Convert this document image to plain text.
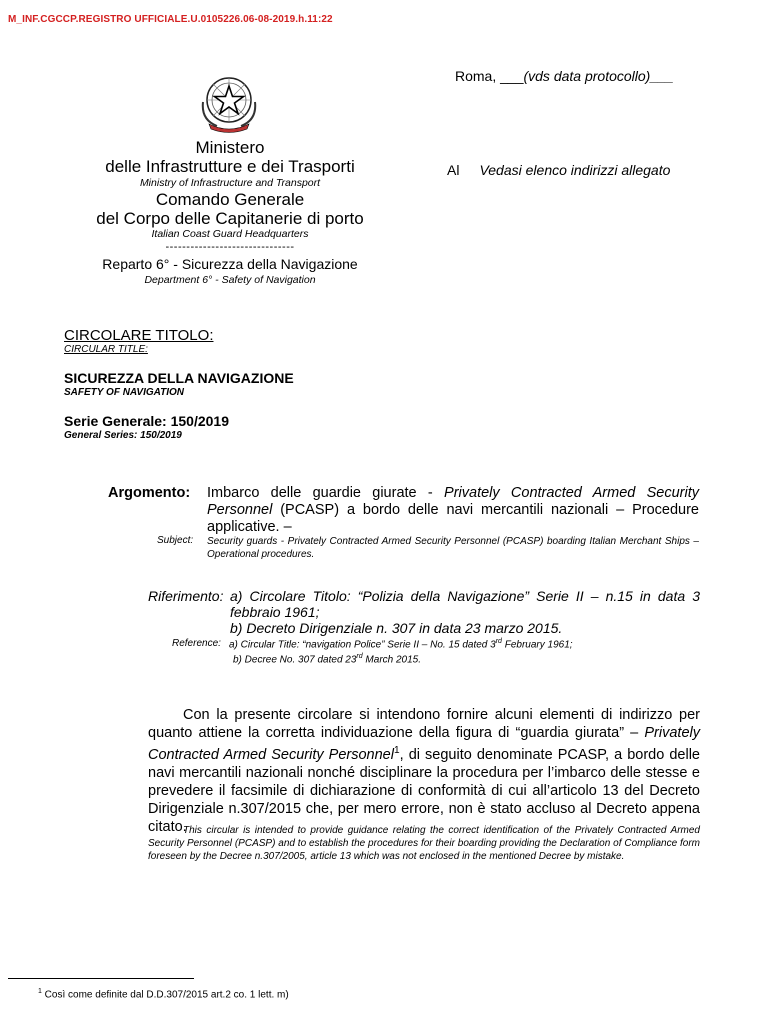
M_INF.CGCCP.REGISTRO UFFICIALE.U.0105226.06-08-2019.h.11:22
Ministero
delle Infrastrutture e dei Trasporti
Ministry of Infrastructure and Transport
Comando Generale
del Corpo delle Capitanerie di porto
Italian Coast Guard Headquarters
-------------------------------
Reparto 6° - Sicurezza della Navigazione
Department 6° - Safety of Navigation
Roma, ___(vds data protocollo)___
Al Vedasi elenco indirizzi allegato
CIRCOLARE TITOLO:
CIRCULAR TITLE:
SICUREZZA DELLA NAVIGAZIONE
SAFETY OF NAVIGATION
Serie Generale: 150/2019
General Series: 150/2019
Argomento: Imbarco delle guardie giurate - Privately Contracted Armed Security Personnel (PCASP) a bordo delle navi mercantili nazionali – Procedure applicative. –
Subject: Security guards - Privately Contracted Armed Security Personnel (PCASP) boarding Italian Merchant Ships – Operational procedures.
Riferimento: a) Circolare Titolo: “Polizia della Navigazione” Serie II – n.15 in data 3 febbraio 1961;
b) Decreto Dirigenziale n. 307 in data 23 marzo 2015.
Reference: a) Circular Title: “navigation Police” Serie II – No. 15 dated 3rd February 1961;
b) Decree No. 307 dated 23rd March 2015.
Con la presente circolare si intendono fornire alcuni elementi di indirizzo per quanto attiene la corretta individuazione della figura di “guardia giurata” – Privately Contracted Armed Security Personnel$^1$, di seguito denominate PCASP, a bordo delle navi mercantili nazionali nonché disciplinare la procedura per l’imbarco delle stesse e prevedere il facsimile di dichiarazione di conformità di cui all’articolo 13 del Decreto Dirigenziale n.307/2015 che, per mero errore, non è stato accluso al Decreto appena citato.
This circular is intended to provide guidance relating the correct identification of the Privately Contracted Armed Security Personnel (PCASP) and to establish the procedures for their boarding providing the Declaration of Compliance form foreseen by the Decree n.307/2005, article 13 which was not enclosed in the mentioned Decree by mistake.
$^1$ Così come definite dal D.D.307/2015 art.2 co. 1 lett. m)
